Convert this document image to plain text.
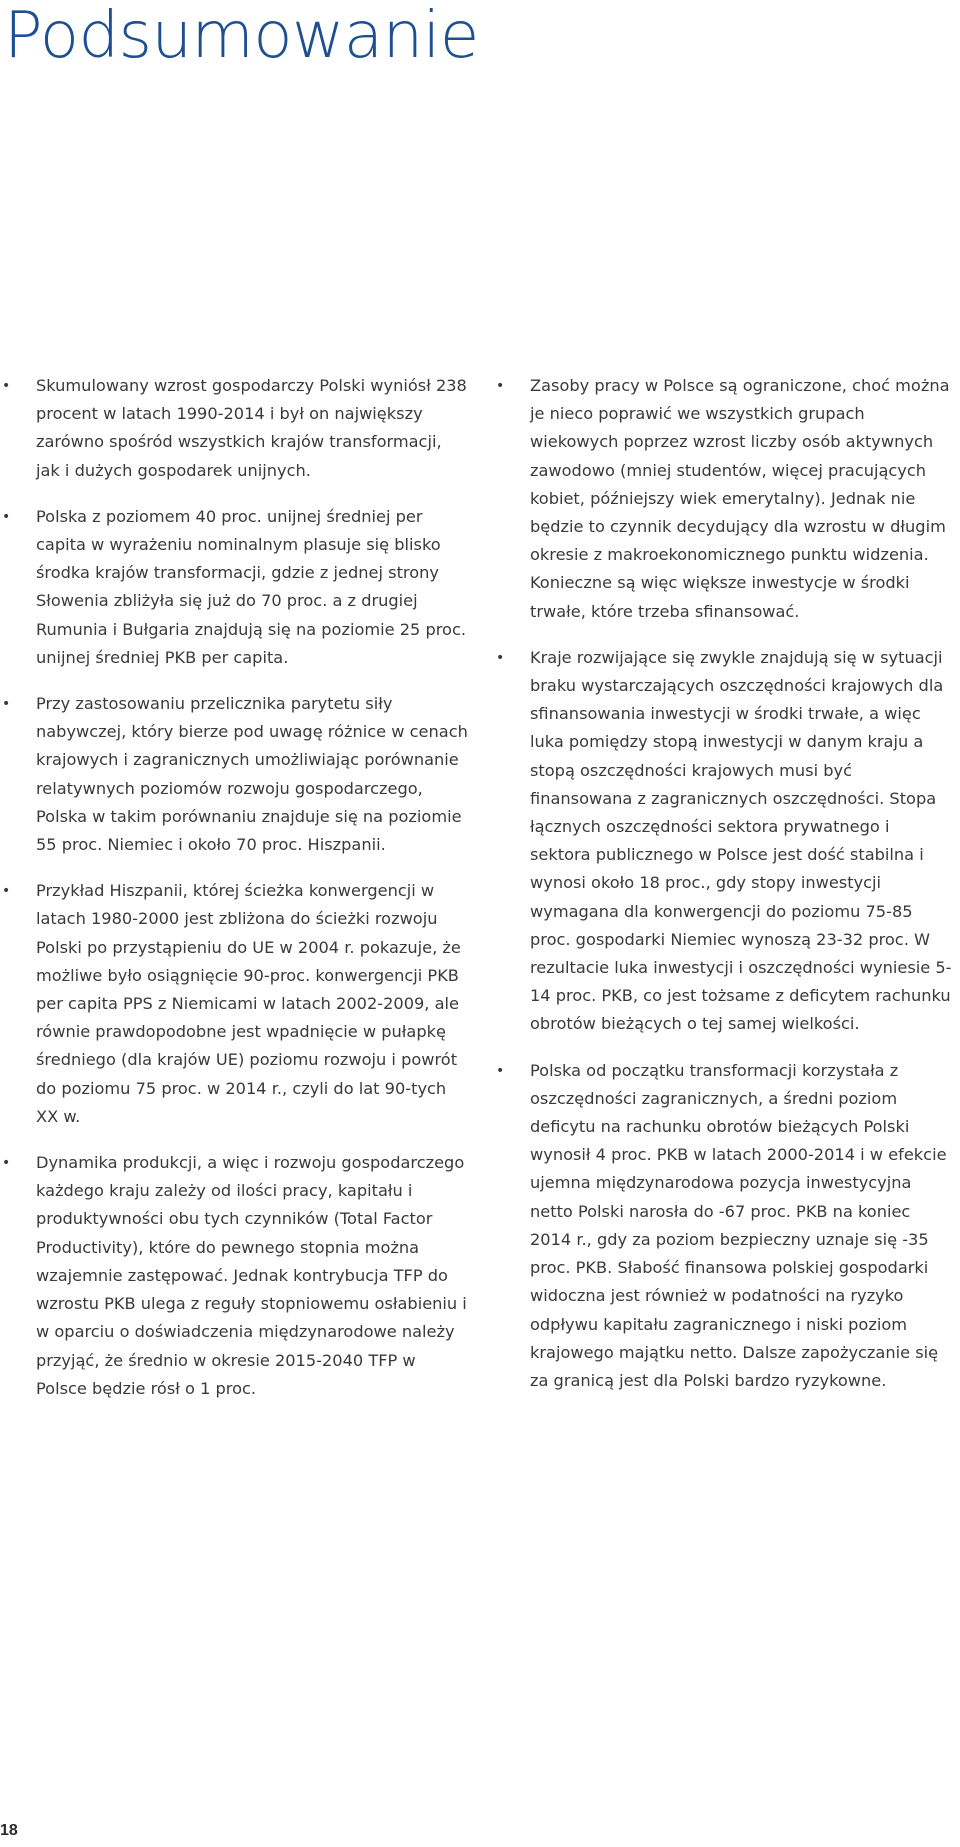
Podsumowanie
• Skumulowany wzrost gospodarczy Polski wyniósł 238 procent w latach 1990-2014 i był on największy zarówno spośród wszystkich krajów transformacji, jak i dużych gospodarek unijnych.
• Polska z poziomem 40 proc. unijnej średniej per capita w wyrażeniu nominalnym plasuje się blisko środka krajów transformacji, gdzie z jednej strony Słowenia zbliżyła się już do 70 proc. a z drugiej Rumunia i Bułgaria znajdują się na poziomie 25 proc. unijnej średniej PKB per capita.
• Przy zastosowaniu przelicznika parytetu siły nabywczej, który bierze pod uwagę różnice w cenach krajowych i zagranicznych umożliwiając porównanie relatywnych poziomów rozwoju gospodarczego, Polska w takim porównaniu znajduje się na poziomie 55 proc. Niemiec i około 70 proc. Hiszpanii.
• Przykład Hiszpanii, której ścieżka konwergencji w latach 1980-2000 jest zbliżona do ścieżki rozwoju Polski po przystąpieniu do UE w 2004 r. pokazuje, że możliwe było osiągnięcie 90-proc. konwergencji PKB per capita PPS z Niemicami w latach 2002-2009, ale równie prawdopodobne jest wpadnięcie w pułapkę średniego (dla krajów UE) poziomu rozwoju i powrót do poziomu 75 proc. w 2014 r., czyli do lat 90-tych XX w.
• Dynamika produkcji, a więc i rozwoju gospodarczego każdego kraju zależy od ilości pracy, kapitału i produktywności obu tych czynników (Total Factor Productivity), które do pewnego stopnia można wzajemnie zastępować. Jednak kontrybucja TFP do wzrostu PKB ulega z reguły stopniowemu osłabieniu i w oparciu o doświadczenia międzynarodowe należy przyjąć, że średnio w okresie 2015-2040 TFP w Polsce będzie rósł o 1 proc.
• Zasoby pracy w Polsce są ograniczone, choć można je nieco poprawić we wszystkich grupach wiekowych poprzez wzrost liczby osób aktywnych zawodowo (mniej studentów, więcej pracujących kobiet, późniejszy wiek emerytalny). Jednak nie będzie to czynnik decydujący dla wzrostu w długim okresie z makroekonomicznego punktu widzenia. Konieczne są więc większe inwestycje w środki trwałe, które trzeba sfinansować.
• Kraje rozwijające się zwykle znajdują się w sytuacji braku wystarczających oszczędności krajowych dla sfinansowania inwestycji w środki trwałe, a więc luka pomiędzy stopą inwestycji w danym kraju a stopą oszczędności krajowych musi być finansowana z zagranicznych oszczędności. Stopa łącznych oszczędności sektora prywatnego i sektora publicznego w Polsce jest dość stabilna i wynosi około 18 proc., gdy stopy inwestycji wymagana dla konwergencji do poziomu 75-85 proc. gospodarki Niemiec wynoszą 23-32 proc. W rezultacie luka inwestycji i oszczędności wyniesie 5-14 proc. PKB, co jest tożsame z deficytem rachunku obrotów bieżących o tej samej wielkości.
• Polska od początku transformacji korzystała z oszczędności zagranicznych, a średni poziom deficytu na rachunku obrotów bieżących Polski wynosił 4 proc. PKB w latach 2000-2014 i w efekcie ujemna międzynarodowa pozycja inwestycyjna netto Polski narosła do -67 proc. PKB na koniec 2014 r., gdy za poziom bezpieczny uznaje się -35 proc. PKB. Słabość finansowa polskiej gospodarki widoczna jest również w podatności na ryzyko odpływu kapitału zagranicznego i niski poziom krajowego majątku netto. Dalsze zapożyczanie się za granicą jest dla Polski bardzo ryzykowne.
18
